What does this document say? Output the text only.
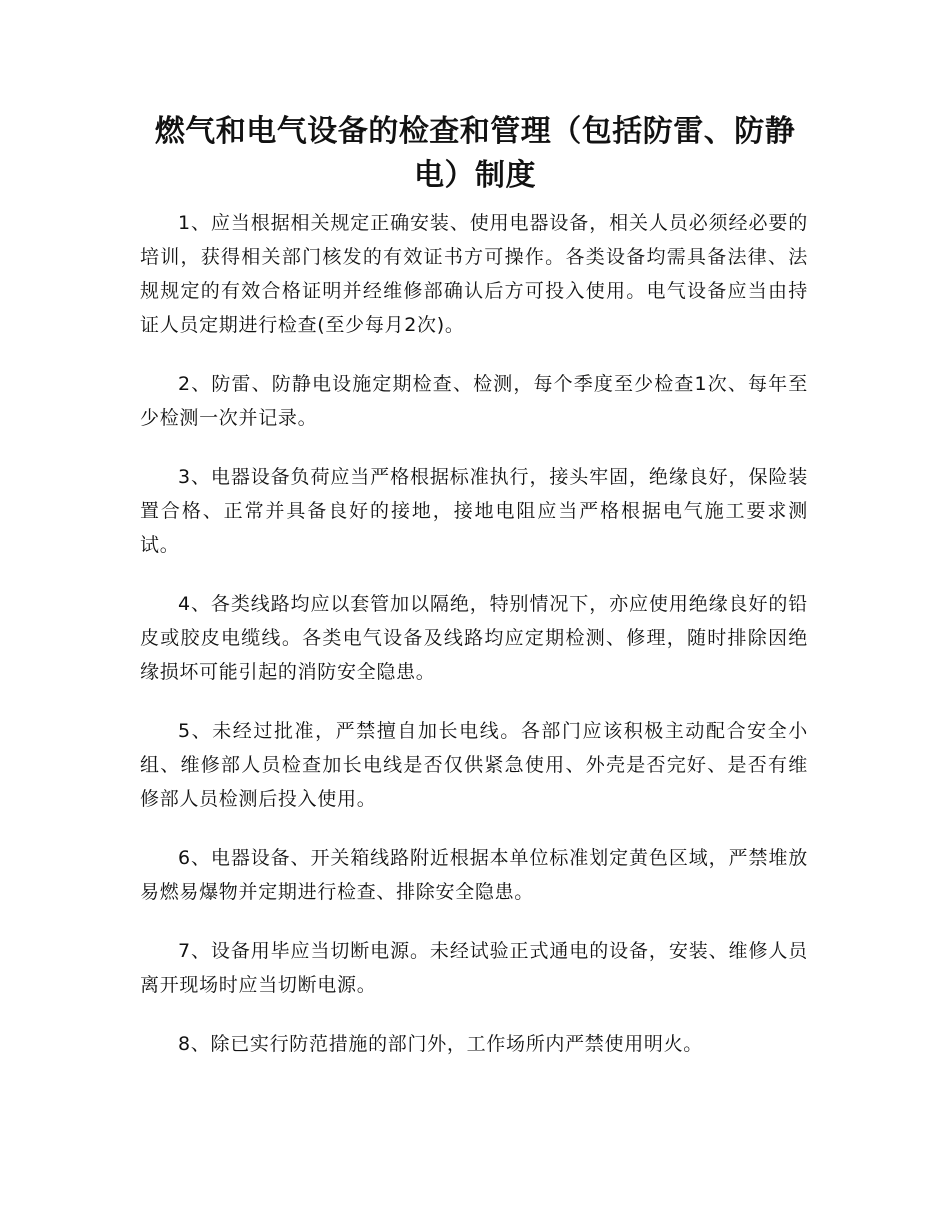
燃气和电气设备的检查和管理（包括防雷、防静电）制度

1、应当根据相关规定正确安装、使用电器设备，相关人员必须经必要的培训，获得相关部门核发的有效证书方可操作。各类设备均需具备法律、法规规定的有效合格证明并经维修部确认后方可投入使用。电气设备应当由持证人员定期进行检查(至少每月2次)。

2、防雷、防静电设施定期检查、检测，每个季度至少检查1次、每年至少检测一次并记录。

3、电器设备负荷应当严格根据标准执行，接头牢固，绝缘良好，保险装置合格、正常并具备良好的接地，接地电阻应当严格根据电气施工要求测试。

4、各类线路均应以套管加以隔绝，特别情况下，亦应使用绝缘良好的铅皮或胶皮电缆线。各类电气设备及线路均应定期检测、修理，随时排除因绝缘损坏可能引起的消防安全隐患。

5、未经过批准，严禁擅自加长电线。各部门应该积极主动配合安全小组、维修部人员检查加长电线是否仅供紧急使用、外壳是否完好、是否有维修部人员检测后投入使用。

6、电器设备、开关箱线路附近根据本单位标准划定黄色区域，严禁堆放易燃易爆物并定期进行检查、排除安全隐患。

7、设备用毕应当切断电源。未经试验正式通电的设备，安装、维修人员离开现场时应当切断电源。

8、除已实行防范措施的部门外，工作场所内严禁使用明火。
